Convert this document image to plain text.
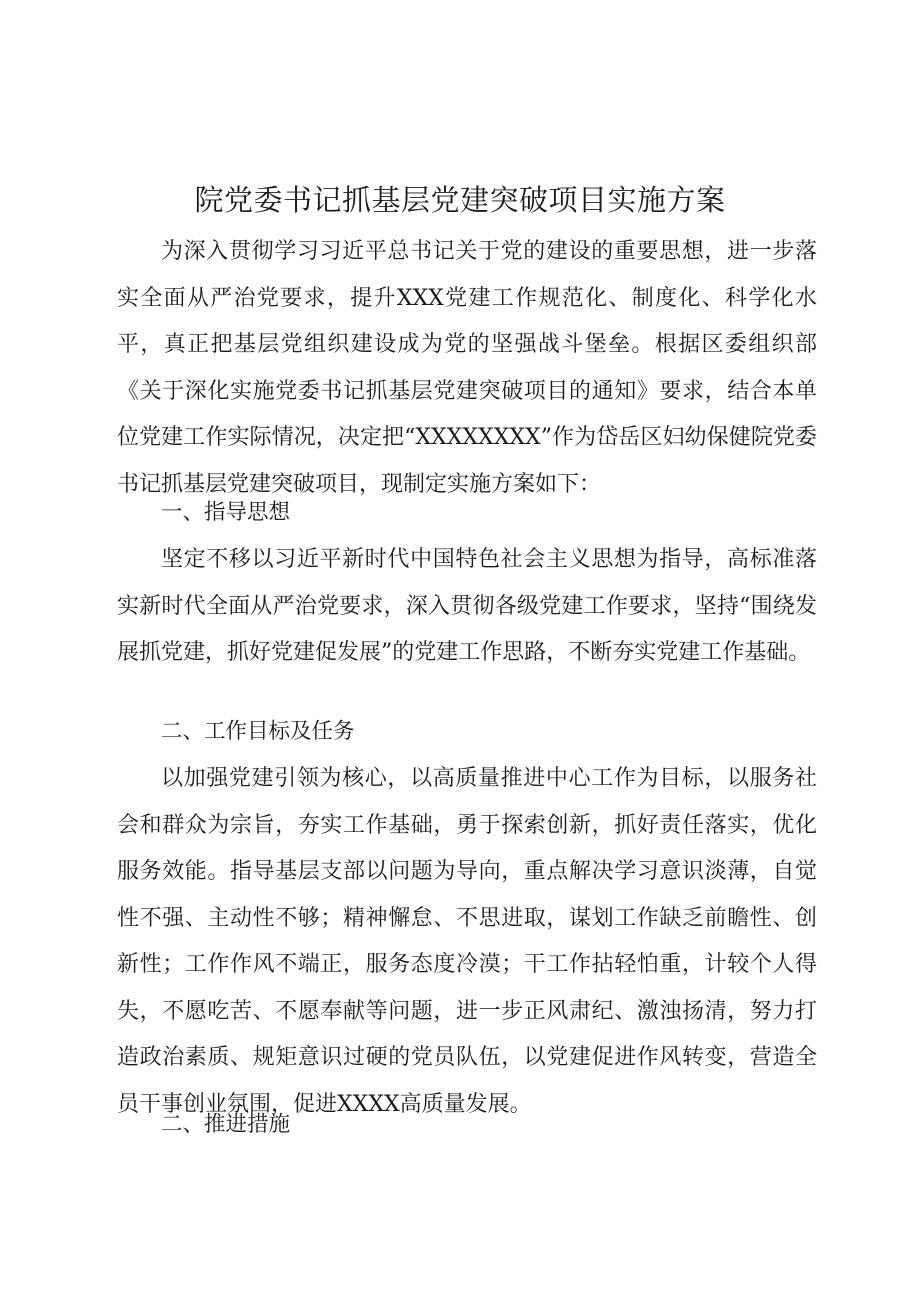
院党委书记抓基层党建突破项目实施方案

为深入贯彻学习习近平总书记关于党的建设的重要思想，进一步落实全面从严治党要求，提升XXX党建工作规范化、制度化、科学化水平，真正把基层党组织建设成为党的坚强战斗堡垒。根据区委组织部《关于深化实施党委书记抓基层党建突破项目的通知》要求，结合本单位党建工作实际情况，决定把“XXXXXXXX”作为岱岳区妇幼保健院党委书记抓基层党建突破项目，现制定实施方案如下：

一、指导思想

坚定不移以习近平新时代中国特色社会主义思想为指导，高标准落实新时代全面从严治党要求，深入贯彻各级党建工作要求，坚持“围绕发展抓党建，抓好党建促发展”的党建工作思路，不断夯实党建工作基础。

二、工作目标及任务

以加强党建引领为核心，以高质量推进中心工作为目标，以服务社会和群众为宗旨，夯实工作基础，勇于探索创新，抓好责任落实，优化服务效能。指导基层支部以问题为导向，重点解决学习意识淡薄，自觉性不强、主动性不够；精神懈怠、不思进取，谋划工作缺乏前瞻性、创新性；工作作风不端正，服务态度冷漠；干工作拈轻怕重，计较个人得失，不愿吃苦、不愿奉献等问题，进一步正风肃纪、激浊扬清，努力打造政治素质、规矩意识过硬的党员队伍，以党建促进作风转变，营造全员干事创业氛围，促进XXXX高质量发展。

二、推进措施
